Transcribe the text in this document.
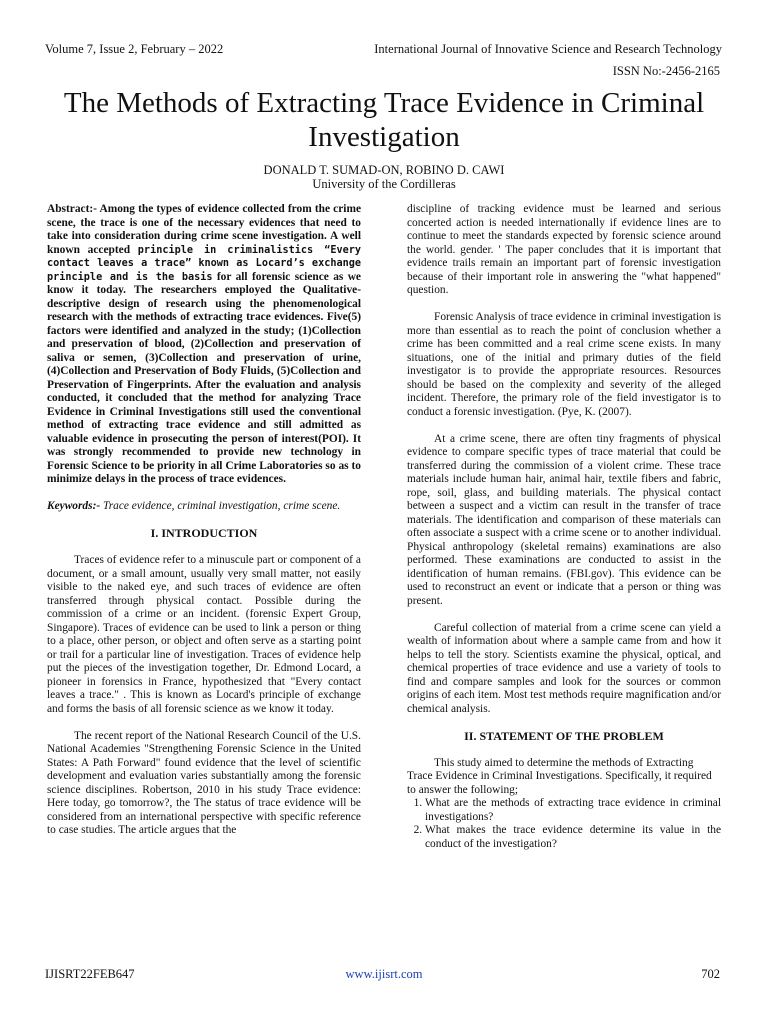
Volume 7, Issue 2, February – 2022	International Journal of Innovative Science and Research Technology
ISSN No:-2456-2165
The Methods of Extracting Trace Evidence in Criminal Investigation
DONALD T. SUMAD-ON, ROBINO D. CAWI
University of the Cordilleras

Abstract:- Among the types of evidence collected from the crime scene, the trace is one of the necessary evidences that need to take into consideration during crime scene investigation. A well known accepted principle in criminalistics “Every contact leaves a trace” known as Locard’s exchange principle and is the basis for all forensic science as we know it today. The researchers employed the Qualitative-descriptive design of research using the phenomenological research with the methods of extracting trace evidences. Five(5) factors were identified and analyzed in the study; (1)Collection and preservation of blood, (2)Collection and preservation of saliva or semen, (3)Collection and preservation of urine, (4)Collection and Preservation of Body Fluids, (5)Collection and Preservation of Fingerprints. After the evaluation and analysis conducted, it concluded that the method for analyzing Trace Evidence in Criminal Investigations still used the conventional method of extracting trace evidence and still admitted as valuable evidence in prosecuting the person of interest(POI). It was strongly recommended to provide new technology in Forensic Science to be priority in all Crime Laboratories so as to minimize delays in the process of trace evidences.

Keywords:- Trace evidence, criminal investigation, crime scene.

I. INTRODUCTION

Traces of evidence refer to a minuscule part or component of a document, or a small amount, usually very small matter, not easily visible to the naked eye, and such traces of evidence are often transferred through physical contact. Possible during the commission of a crime or an incident. (forensic Expert Group, Singapore). Traces of evidence can be used to link a person or thing to a place, other person, or object and often serve as a starting point or trail for a particular line of investigation. Traces of evidence help put the pieces of the investigation together, Dr. Edmond Locard, a pioneer in forensics in France, hypothesized that "Every contact leaves a trace." . This is known as Locard's principle of exchange and forms the basis of all forensic science as we know it today.

The recent report of the National Research Council of the U.S. National Academies "Strengthening Forensic Science in the United States: A Path Forward" found evidence that the level of scientific development and evaluation varies substantially among the forensic science disciplines. Robertson, 2010 in his study Trace evidence: Here today, go tomorrow?, the The status of trace evidence will be considered from an international perspective with specific reference to case studies. The article argues that the

discipline of tracking evidence must be learned and serious concerted action is needed internationally if evidence lines are to continue to meet the standards expected by forensic science around the world. gender. ' The paper concludes that it is important that evidence trails remain an important part of forensic investigation because of their important role in answering the "what happened" question.

Forensic Analysis of trace evidence in criminal investigation is more than essential as to reach the point of conclusion whether a crime has been committed and a real crime scene exists. In many situations, one of the initial and primary duties of the field investigator is to provide the appropriate resources. Resources should be based on the complexity and severity of the alleged incident. Therefore, the primary role of the field investigator is to conduct a forensic investigation. (Pye, K. (2007).

At a crime scene, there are often tiny fragments of physical evidence to compare specific types of trace material that could be transferred during the commission of a violent crime. These trace materials include human hair, animal hair, textile fibers and fabric, rope, soil, glass, and building materials. The physical contact between a suspect and a victim can result in the transfer of trace materials. The identification and comparison of these materials can often associate a suspect with a crime scene or to another individual. Physical anthropology (skeletal remains) examinations are also performed. These examinations are conducted to assist in the identification of human remains. (FBI.gov). This evidence can be used to reconstruct an event or indicate that a person or thing was present.

Careful collection of material from a crime scene can yield a wealth of information about where a sample came from and how it helps to tell the story. Scientists examine the physical, optical, and chemical properties of trace evidence and use a variety of tools to find and compare samples and look for the sources or common origins of each item. Most test methods require magnification and/or chemical analysis.

II. STATEMENT OF THE PROBLEM

This study aimed to determine the methods of Extracting Trace Evidence in Criminal Investigations. Specifically, it required to answer the following;

1. What are the methods of extracting trace evidence in criminal investigations?
2. What makes the trace evidence determine its value in the conduct of the investigation?
IJISRT22FEB647	www.ijisrt.com	702
